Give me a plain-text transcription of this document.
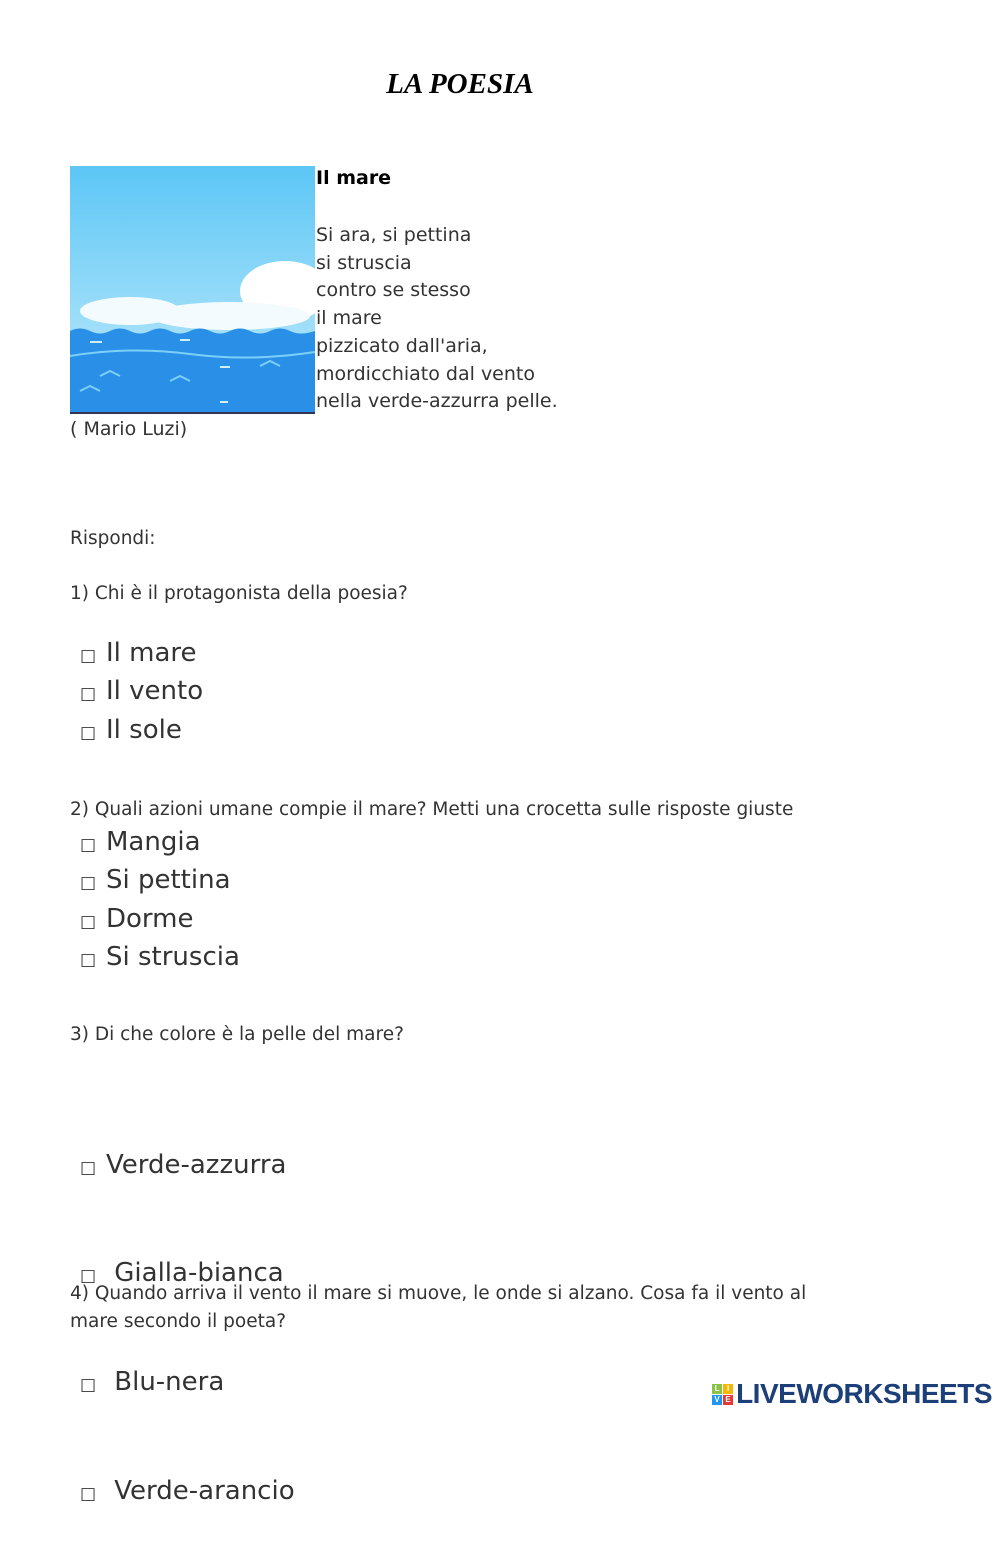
LA POESIA
Il mare
Si ara, si pettina
si struscia
contro se stesso
il mare
pizzicato dall'aria,
mordicchiato dal vento
nella verde-azzurra pelle.
( Mario Luzi)
Rispondi:
1) Chi è il protagonista della poesia?
□ Il mare
□ Il vento
□ Il sole
2) Quali azioni umane compie il mare? Metti una crocetta sulle risposte giuste
□ Mangia
□ Si pettina
□ Dorme
□ Si struscia
3) Di che colore è la pelle del mare?

□ Verde-azzurra

□ Gialla-bianca

□ Blu-nera

□ Verde-arancio

4) Quando arriva il vento il mare si muove, le onde si alzano. Cosa fa il vento al
mare secondo il poeta?
L I
V E LIVEWORKSHEETS
